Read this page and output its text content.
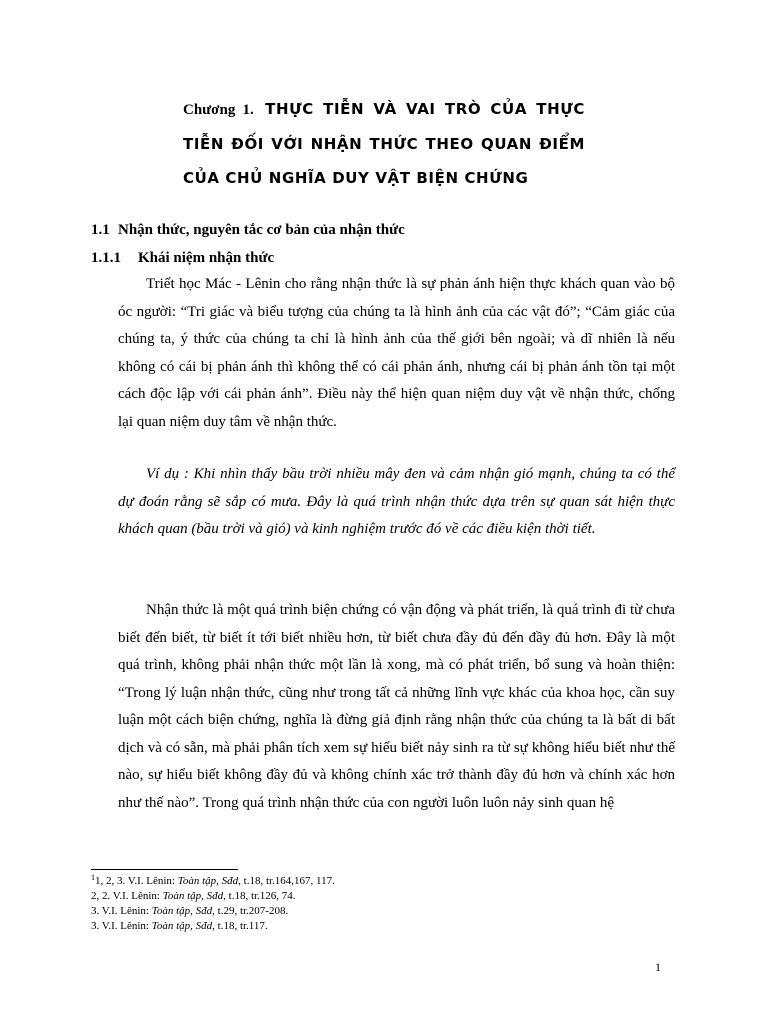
Chương 1. THỰC TIỄN VÀ VAI TRÒ CỦA THỰC TIỄN ĐỐI VỚI NHẬN THỨC THEO QUAN ĐIỂM CỦA CHỦ NGHĨA DUY VẬT BIỆN CHỨNG
1.1 Nhận thức, nguyên tắc cơ bản của nhận thức
1.1.1 Khái niệm nhận thức

Triết học Mác - Lênin cho rằng nhận thức là sự phản ánh hiện thực khách quan vào bộ óc người: “Tri giác và biểu tượng của chúng ta là hình ảnh của các vật đó”; “Cảm giác của chúng ta, ý thức của chúng ta chỉ là hình ảnh của thế giới bên ngoài; và dĩ nhiên là nếu không có cái bị phản ánh thì không thể có cái phản ánh, nhưng cái bị phản ánh tồn tại một cách độc lập với cái phản ánh”. Điều này thể hiện quan niệm duy vật về nhận thức, chống lại quan niệm duy tâm về nhận thức.

Ví dụ : Khi nhìn thấy bầu trời nhiều mây đen và cảm nhận gió mạnh, chúng ta có thể dự đoán rằng sẽ sắp có mưa. Đây là quá trình nhận thức dựa trên sự quan sát hiện thực khách quan (bầu trời và gió) và kinh nghiệm trước đó về các điều kiện thời tiết.

Nhận thức là một quá trình biện chứng có vận động và phát triển, là quá trình đi từ chưa biết đến biết, từ biết ít tới biết nhiều hơn, từ biết chưa đầy đủ đến đầy đủ hơn. Đây là một quá trình, không phải nhận thức một lần là xong, mà có phát triển, bổ sung và hoàn thiện: “Trong lý luận nhận thức, cũng như trong tất cả những lĩnh vực khác của khoa học, cần suy luận một cách biện chứng, nghĩa là đừng giả định rằng nhận thức của chúng ta là bất di bất dịch và có sẵn, mà phải phân tích xem sự hiểu biết nảy sinh ra từ sự không hiểu biết như thế nào, sự hiểu biết không đầy đủ và không chính xác trở thành đầy đủ hơn và chính xác hơn như thế nào”. Trong quá trình nhận thức của con người luôn luôn nảy sinh quan hệ

$^1$1, 2, 3. V.I. Lênin: Toàn tập, Sđd, t.18, tr.164,167, 117.
2, 2. V.I. Lênin: Toàn tập, Sđd, t.18, tr.126, 74.
3. V.I. Lênin: Toàn tập, Sđd, t.29, tr.207-208.
3. V.I. Lênin: Toàn tập, Sđd, t.18, tr.117.

1
